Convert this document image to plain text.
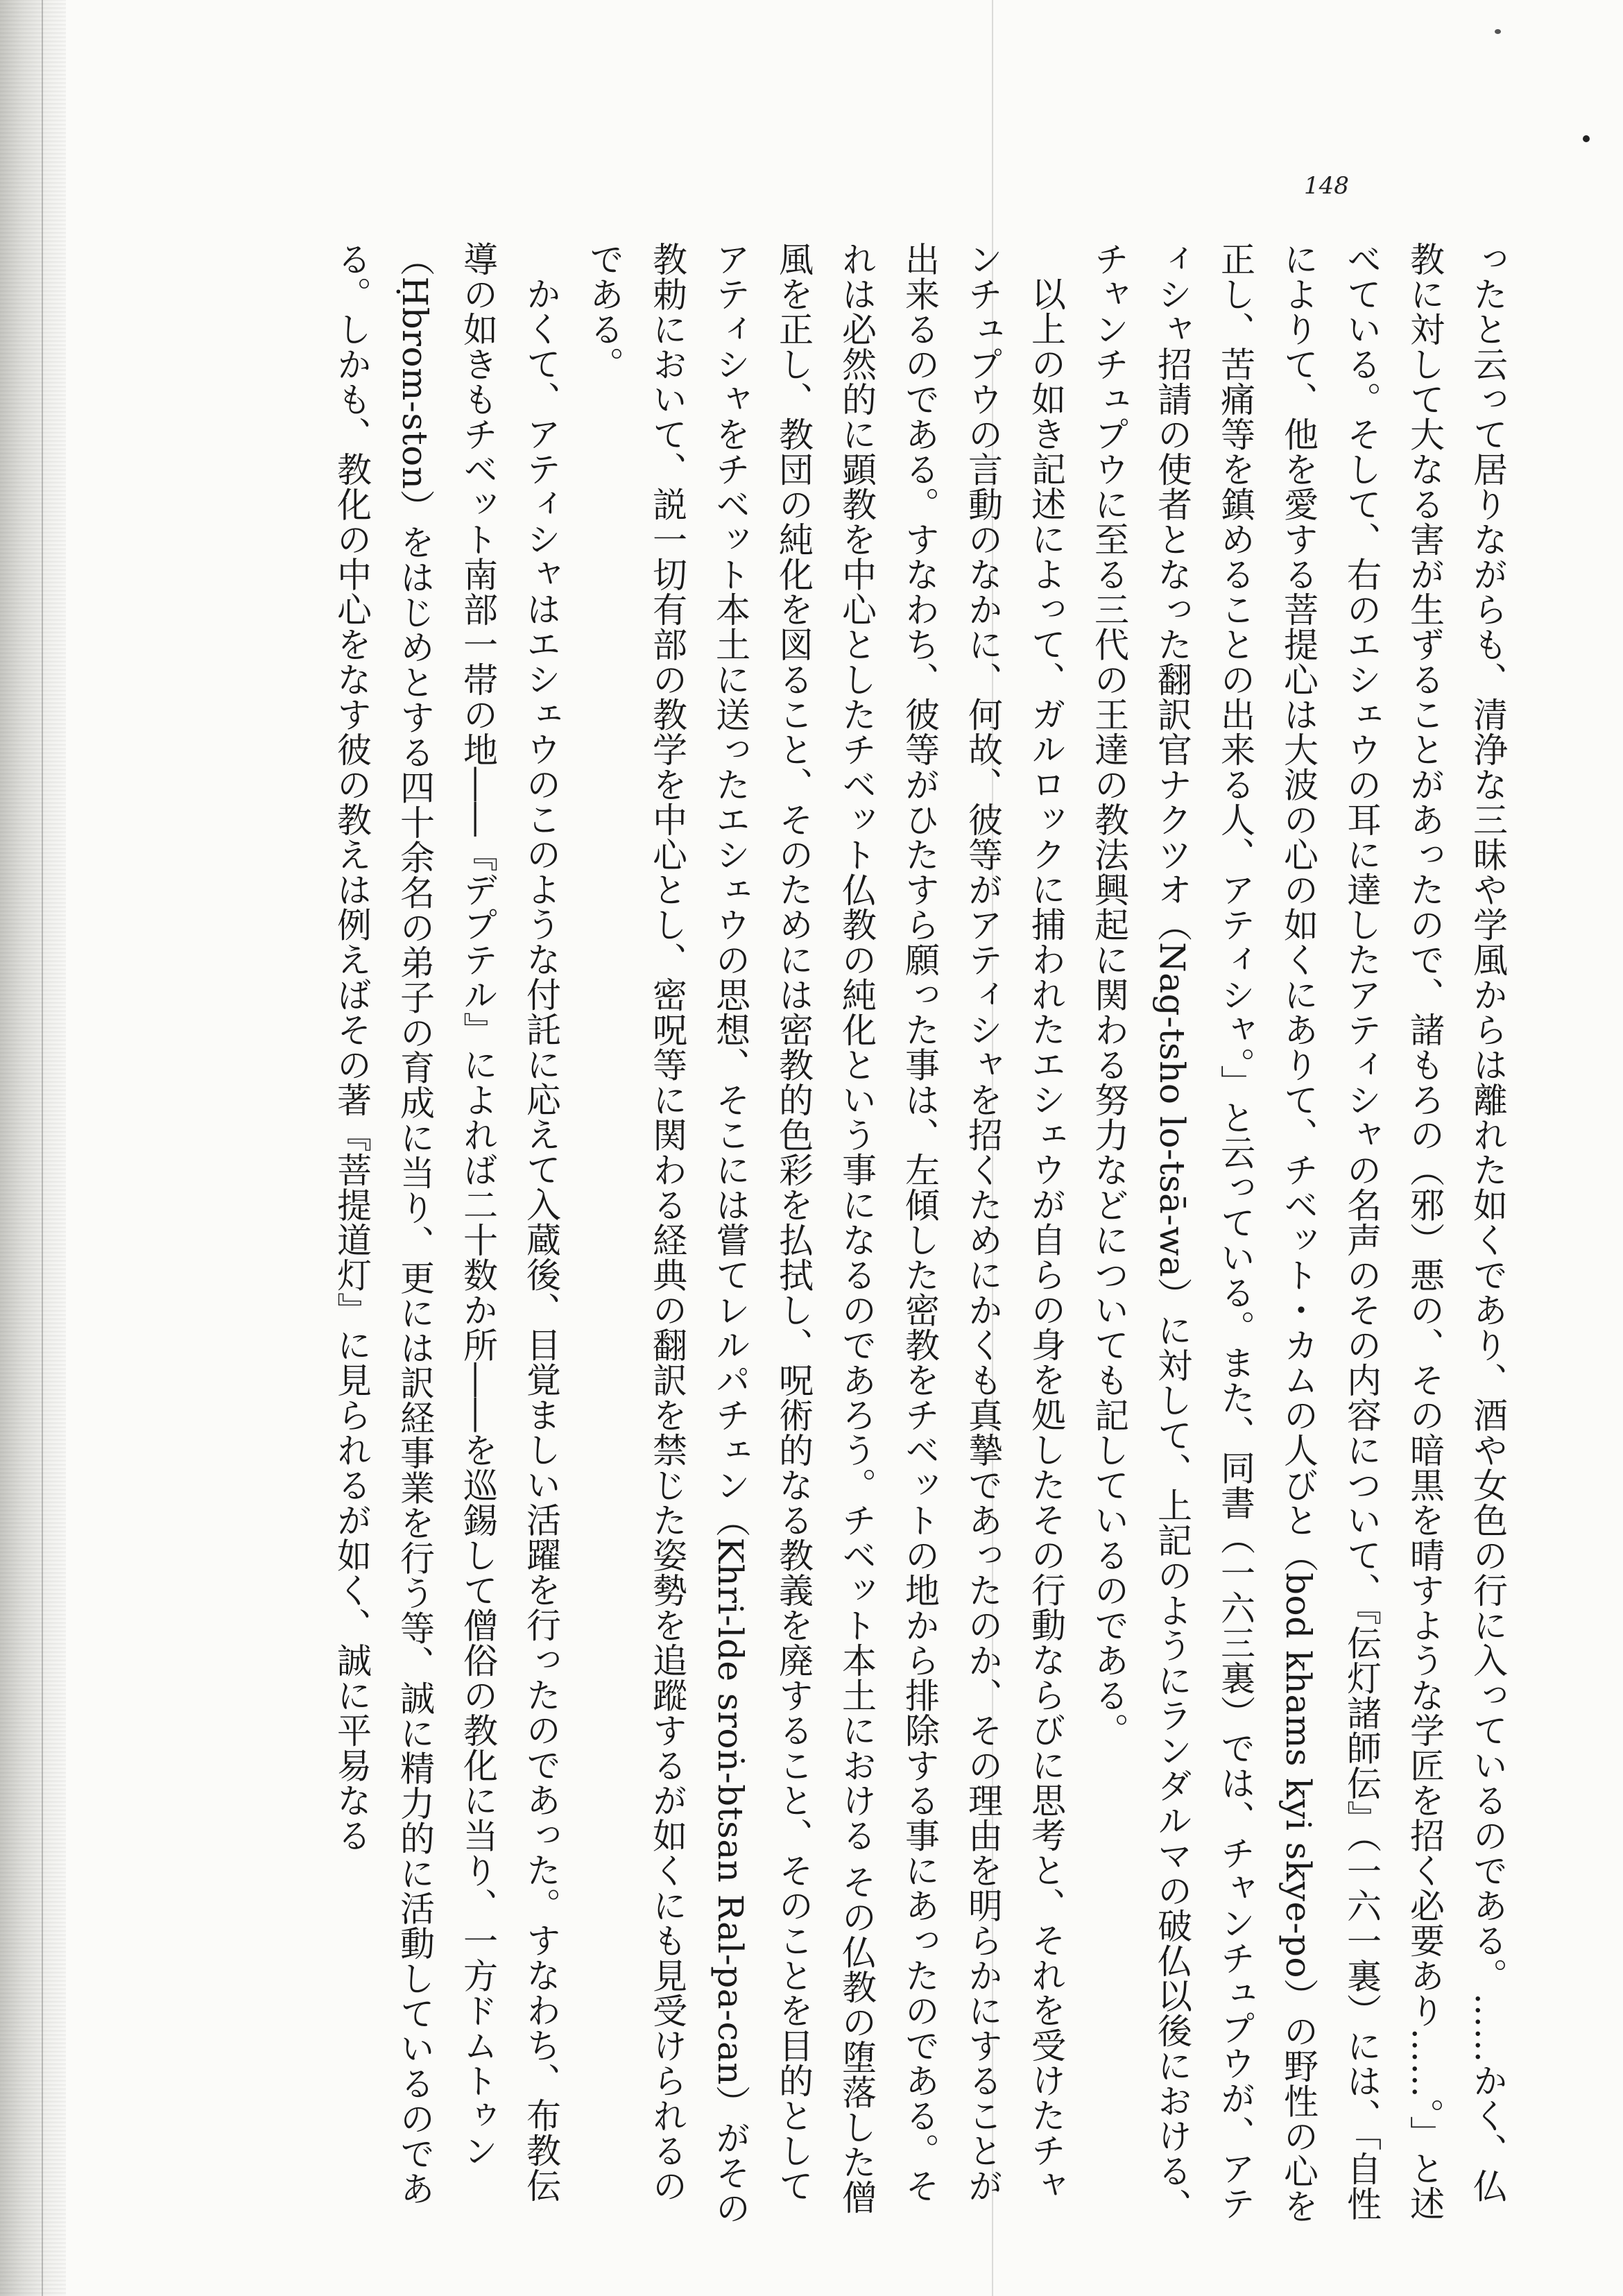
148

ったと云って居りながらも、清浄な三昧や学風からは離れた如くであり、酒や女色の行に入っているのである。……かく、仏教に対して大なる害が生ずることがあったので、諸もろの（邪）悪の、その暗黒を晴すような学匠を招く必要あり……。」と述べている。そして、右のエシェウの耳に達したアティシャの名声のその内容について、『伝灯諸師伝』（一六一裏）には、「自性によりて、他を愛する菩提心は大波の心の如くにありて、チベット・カムの人びと（bod khams kyi skye-po）の野性の心を正し、苦痛等を鎮めることの出来る人、アティシャ。」と云っている。また、同書（一六三裏）では、チャンチュプウが、アティシャ招請の使者となった翻訳官ナクツオ（Nag-tsho lo-tsā-wa）に対して、上記のようにランダルマの破仏以後における、チャンチュプウに至る三代の王達の教法興起に関わる努力などについても記しているのである。

以上の如き記述によって、ガルロックに捕われたエシェウが自らの身を処したその行動ならびに思考と、それを受けたチャンチュプウの言動のなかに、何故、彼等がアティシャを招くためにかくも真摯であったのか、その理由を明らかにすることが出来るのである。すなわち、彼等がひたすら願った事は、左傾した密教をチベットの地から排除する事にあったのである。それは必然的に顕教を中心としたチベット仏教の純化という事になるのであろう。チベット本土における その仏教の堕落した僧風を正し、教団の純化を図ること、そのためには密教的色彩を払拭し、呪術的なる教義を廃すること、そのことを目的としてアティシャをチベット本土に送ったエシェウの思想、そこには嘗てレルパチェン（Khri-lde sroṅ-btsan Ral-pa-can）がその教勅において、説一切有部の教学を中心とし、密呪等に関わる経典の翻訳を禁じた姿勢を追蹤するが如くにも見受けられるのである。

かくて、アティシャはエシェウのこのような付託に応えて入蔵後、目覚ましい活躍を行ったのであった。すなわち、布教伝導の如きもチベット南部一帯の地――『デプテル』によれば二十数か所――を巡錫して僧俗の教化に当り、一方ドムトゥン（Ḥbrom-ston）をはじめとする四十余名の弟子の育成に当り、更には訳経事業を行う等、誠に精力的に活動しているのである。しかも、教化の中心をなす彼の教えは例えばその著『菩提道灯』に見られるが如く、誠に平易なる
